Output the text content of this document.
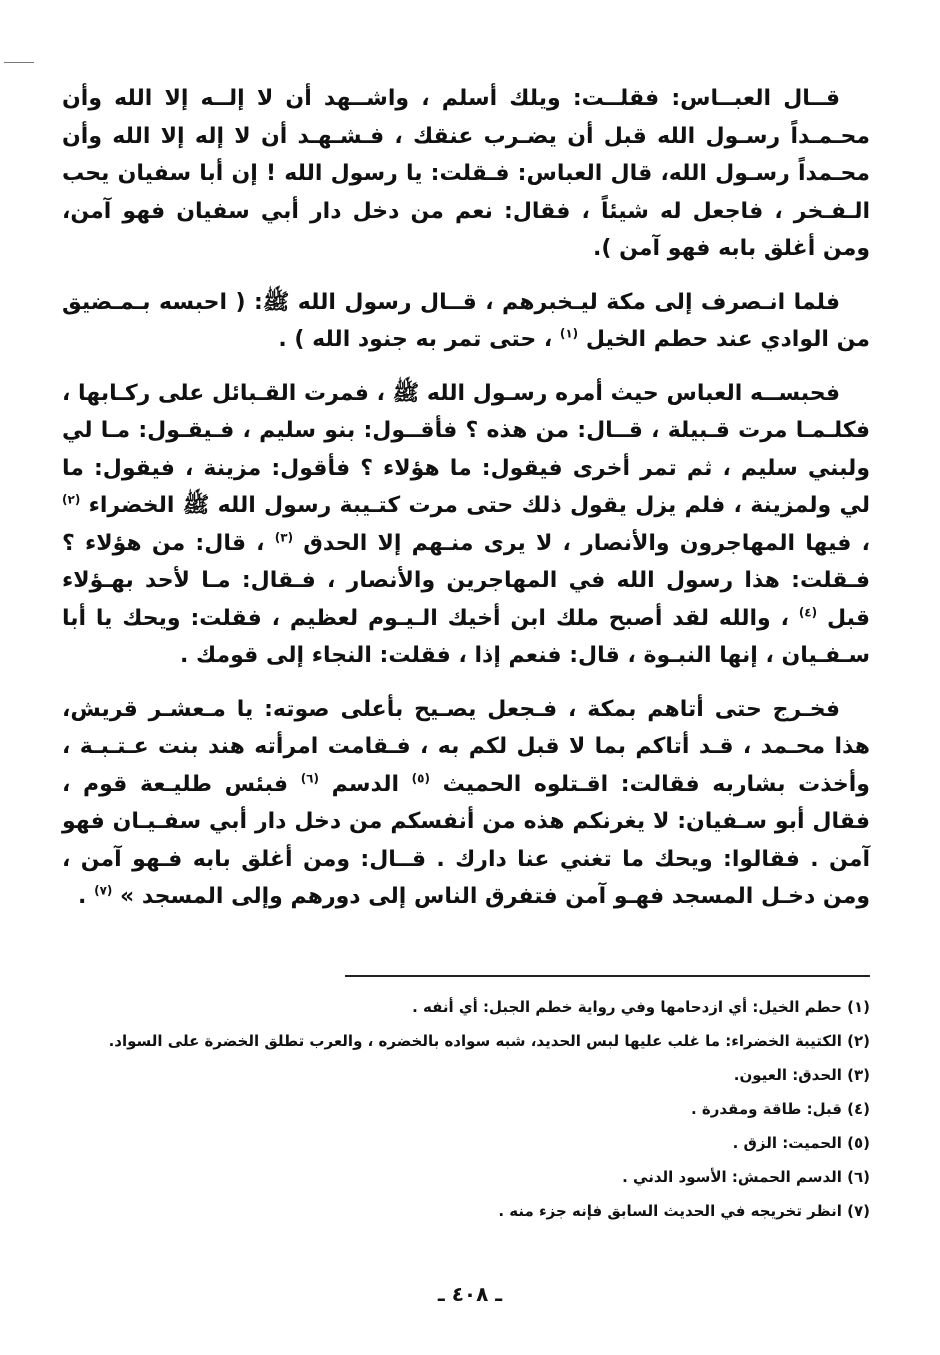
قــال العبــاس: فقلــت: ويلك أسلم ، واشــهد أن لا إلــه إلا الله وأن محـمـداً رسـول الله قبل أن يضـرب عنقك ، فـشـهـد أن لا إله إلا الله وأن محـمداً رسـول الله، قال العباس: فـقلت: يا رسول الله ! إن أبا سفيان يحب الـفـخر ، فاجعل له شيئاً ، فقال: نعم من دخل دار أبي سفيان فهو آمن، ومن أغلق بابه فهو آمن ).

فلما انـصرف إلى مكة ليـخبرهم ، قــال رسول الله ﷺ: ( احبسه بـمـضيق من الوادي عند حطم الخيل $^{(١)}$ ، حتى تمر به جنود الله ) .

فحبســه العباس حيث أمره رسـول الله ﷺ ، فمرت القـبائل على ركـابها ، فكلـمـا مرت قـبيلة ، قــال: من هذه ؟ فأقــول: بنو سليم ، فـيقـول: مـا لي ولبني سليم ، ثم تمر أخرى فيقول: ما هؤلاء ؟ فأقول: مزينة ، فيقول: ما لي ولمزينة ، فلم يزل يقول ذلك حتى مرت كتـيبة رسول الله ﷺ الخضراء $^{(٢)}$ ، فيها المهاجرون والأنصار ، لا يرى منـهم إلا الحدق $^{(٣)}$ ، قال: من هؤلاء ؟ فـقلت: هذا رسول الله في المهاجرين والأنصار ، فـقال: مـا لأحد بهـؤلاء قبل $^{(٤)}$ ، والله لقد أصبح ملك ابن أخيك الـيـوم لعظيم ، فقلت: ويحك يا أبا سـفـيان ، إنها النبـوة ، قال: فنعم إذا ، فقلت: النجاء إلى قومك .

فخـرج حتى أتاهم بمكة ، فـجعل يصـيح بأعلى صوته: يا مـعشـر قريش، هذا محـمد ، قـد أتاكم بما لا قبل لكم به ، فـقامت امرأته هند بنت عـتـبـة ، وأخذت بشاربه فقالت: اقـتلوه الحميث $^{(٥)}$ الدسم $^{(٦)}$ فبئس طليـعة قوم ، فقال أبو سـفيان: لا يغرنكم هذه من أنفسكم من دخل دار أبي سفـيـان فهو آمن . فقالوا: ويحك ما تغني عنا دارك . قــال: ومن أغلق بابه فـهو آمن ، ومن دخـل المسجد فهـو آمن فتفرق الناس إلى دورهم وإلى المسجد » $^{(٧)}$ .

(١) حطم الخيل: أي ازدحامها وفي رواية خطم الجبل: أي أنفه .
(٢) الكتيبة الخضراء: ما غلب عليها لبس الحديد، شبه سواده بالخضره ، والعرب تطلق الخضرة على السواد.
(٣) الحدق: العيون.
(٤) قبل: طاقة ومقدرة .
(٥) الحميت: الزق .
(٦) الدسم الحمش: الأسود الدني .
(٧) انظر تخريجه في الحديث السابق فإنه جزء منه .
ـ ٤٠٨ ـ
